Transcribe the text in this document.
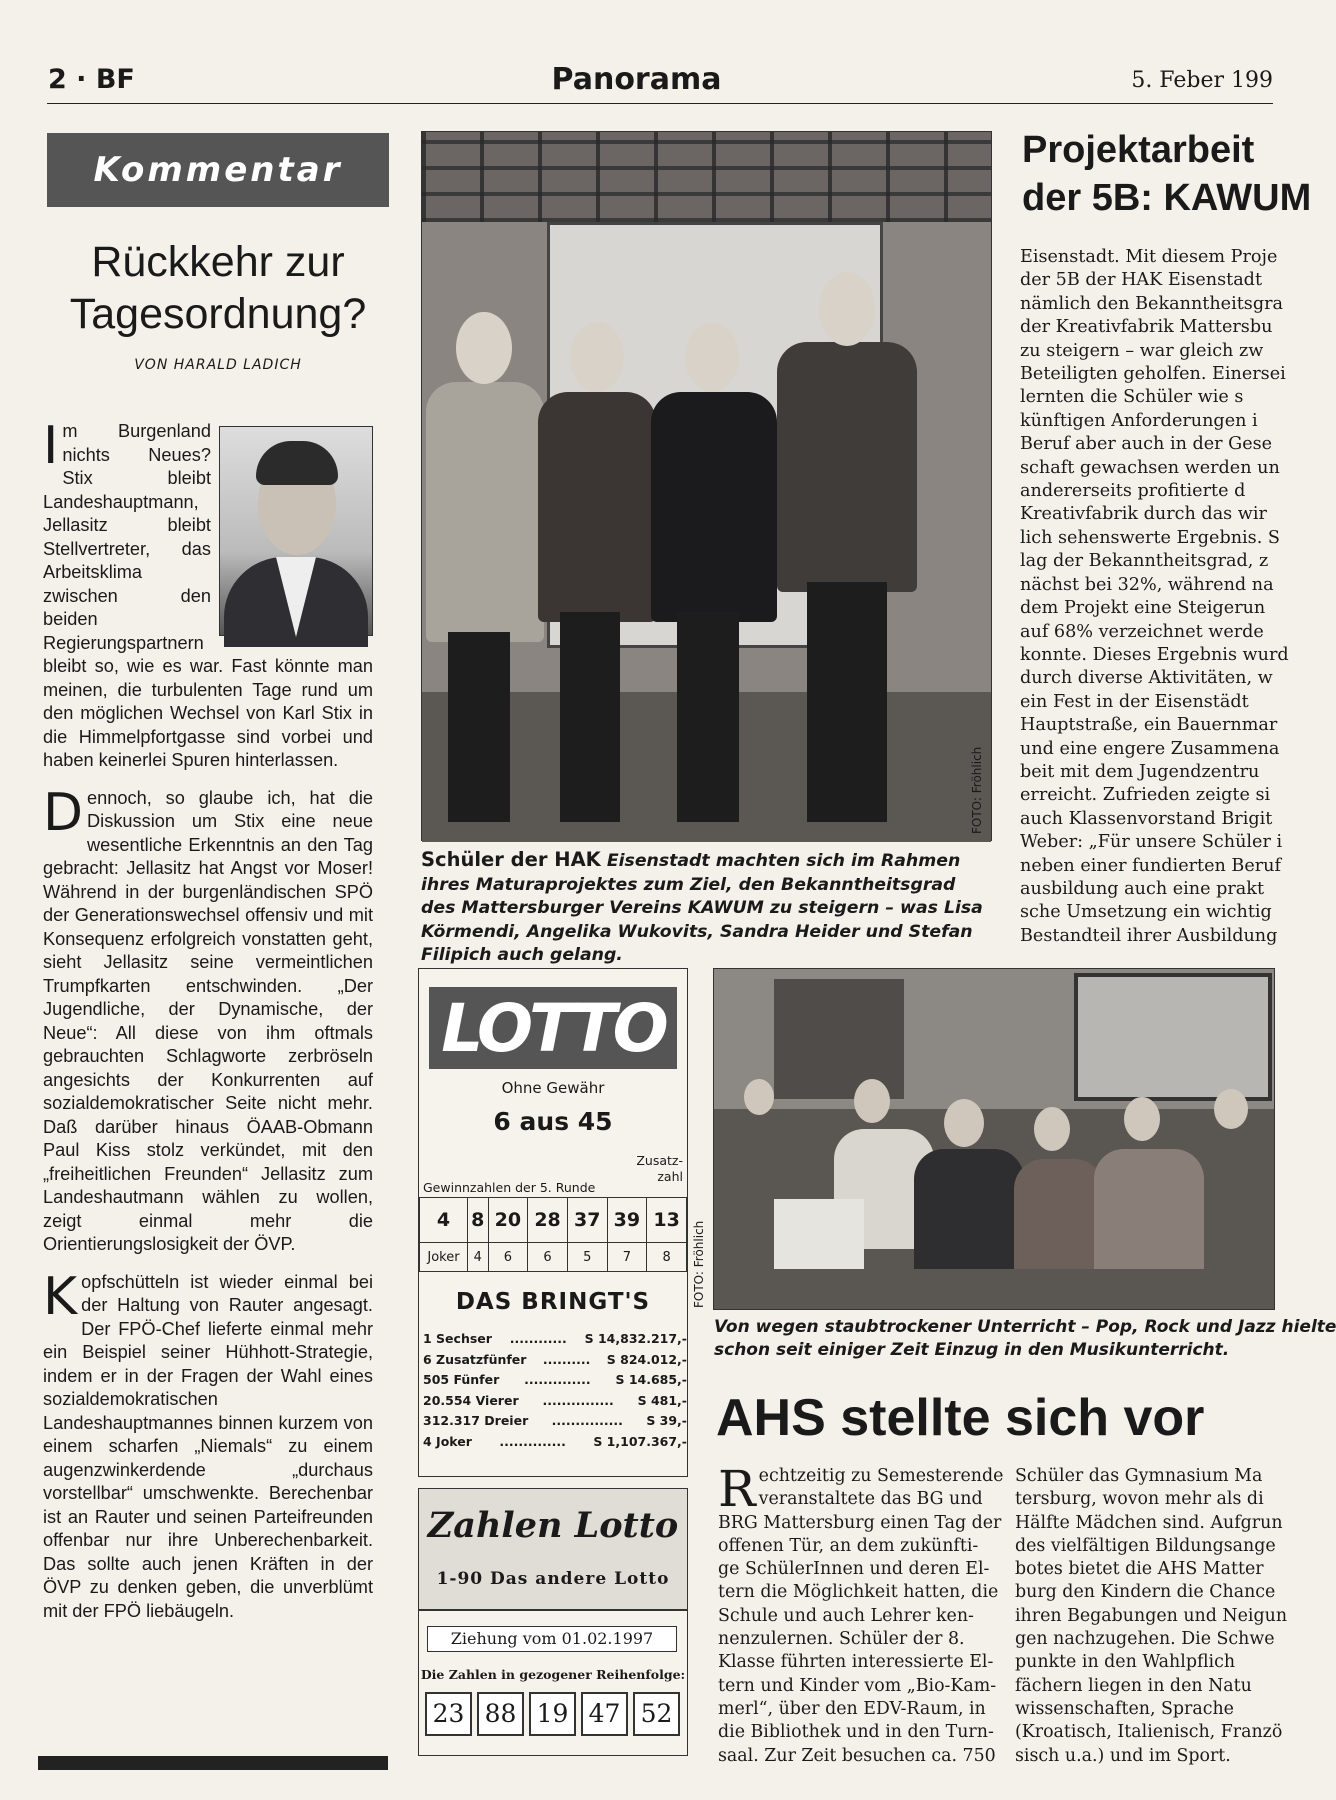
2 · BF	Panorama	5. Feber 199
Kommentar
Rückkehr zur
Tagesordnung?
VON HARALD LADICH

I m Burgenland nichts Neues? Stix bleibt Landeshauptmann, Jellasitz bleibt Stellvertreter, das Arbeitsklima zwischen den beiden Regierungspartnern bleibt so, wie es war. Fast könnte man meinen, die turbulenten Tage rund um den möglichen Wechsel von Karl Stix in die Himmelpfortgasse sind vorbei und haben keinerlei Spuren hinterlassen.

D ennoch, so glaube ich, hat die Diskussion um Stix eine neue wesentliche Erkenntnis an den Tag gebracht: Jellasitz hat Angst vor Moser! Während in der burgenländischen SPÖ der Generationswechsel offensiv und mit Konsequenz erfolgreich vonstatten geht, sieht Jellasitz seine vermeintlichen Trumpfkarten entschwinden. „Der Jugendliche, der Dynamische, der Neue“: All diese von ihm oftmals gebrauchten Schlagworte zerbröseln angesichts der Konkurrenten auf sozialdemokratischer Seite nicht mehr. Daß darüber hinaus ÖAAB-Obmann Paul Kiss stolz verkündet, mit den „freiheitlichen Freunden“ Jellasitz zum Landeshautmann wählen zu wollen, zeigt einmal mehr die Orientierungslosigkeit der ÖVP.

K opfschütteln ist wieder einmal bei der Haltung von Rauter angesagt. Der FPÖ-Chef lieferte einmal mehr ein Beispiel seiner Hühhott-Strategie, indem er in der Fragen der Wahl eines sozialdemokratischen Landeshauptmannes binnen kurzem von einem scharfen „Niemals“ zu einem augenzwinkerdende „durchaus vorstellbar“ umschwenkte. Berechenbar ist an Rauter und seinen Parteifreunden offenbar nur ihre Unberechenbarkeit. Das sollte auch jenen Kräften in der ÖVP zu denken geben, die unverblümt mit der FPÖ liebäugeln.

FOTO: Fröhlich
Schüler der HAK Eisenstadt machten sich im Rahmen ihres Maturaprojektes zum Ziel, den Bekanntheitsgrad des Mattersburger Vereins KAWUM zu steigern – was Lisa Körmendi, Angelika Wukovits, Sandra Heider und Stefan Filipich auch gelang.
Projektarbeit
der 5B: KAWUM
Eisenstadt. Mit diesem Proje
der 5B der HAK Eisenstadt
nämlich den Bekanntheitsgra
der Kreativfabrik Mattersbu
zu steigern – war gleich zw
Beteiligten geholfen. Einersei
lernten die Schüler wie s
künftigen Anforderungen i
Beruf aber auch in der Gese
schaft gewachsen werden un
andererseits profitierte d
Kreativfabrik durch das wir
lich sehenswerte Ergebnis. S
lag der Bekanntheitsgrad, z
nächst bei 32%, während na
dem Projekt eine Steigerun
auf 68% verzeichnet werde
konnte. Dieses Ergebnis wurd
durch diverse Aktivitäten, w
ein Fest in der Eisenstädt
Hauptstraße, ein Bauernmar
und eine engere Zusammena
beit mit dem Jugendzentru
erreicht. Zufrieden zeigte si
auch Klassenvorstand Brigit
Weber: „Für unsere Schüler i
neben einer fundierten Beruf
ausbildung auch eine prakt
sche Umsetzung ein wichtig
Bestandteil ihrer Ausbildung
LOTTO
Ohne Gewähr
6 aus 45
Zusatz-zahl
Gewinnzahlen der 5. Runde
4	8	20	28	37	39	13
Joker	4	6	6	5	7	8
DAS BRINGT'S
1 Sechser	............	S 14,832.217,-
6 Zusatzfünfer	..........	S 824.012,-
505 Fünfer	..............	S 14.685,-
20.554 Vierer	...............	S 481,-
312.317 Dreier	...............	S 39,-
4 Joker	..............	S 1,107.367,-
Zahlen Lotto
1-90 Das andere Lotto
Ziehung vom 01.02.1997
Die Zahlen in gezogener Reihenfolge:
23 88 19 47 52
FOTO: Fröhlich
Von wegen staubtrockener Unterricht – Pop, Rock und Jazz hielte
schon seit einiger Zeit Einzug in den Musikunterricht.
AHS stellte sich vor
R echtzeitig zu Semesterende
veranstaltete das BG und
BRG Mattersburg einen Tag der
offenen Tür, an dem zukünfti-
ge SchülerInnen und deren El-
tern die Möglichkeit hatten, die
Schule und auch Lehrer ken-
nenzulernen. Schüler der 8.
Klasse führten interessierte El-
tern und Kinder vom „Bio-Kam-
merl“, über den EDV-Raum, in
die Bibliothek und in den Turn-
saal. Zur Zeit besuchen ca. 750
Schüler das Gymnasium Ma
tersburg, wovon mehr als di
Hälfte Mädchen sind. Aufgrun
des vielfältigen Bildungsange
botes bietet die AHS Matter
burg den Kindern die Chance
ihren Begabungen und Neigun
gen nachzugehen. Die Schwe
punkte in den Wahlpflich
fächern liegen in den Natu
wissenschaften, Sprache
(Kroatisch, Italienisch, Franzö
sisch u.a.) und im Sport.
